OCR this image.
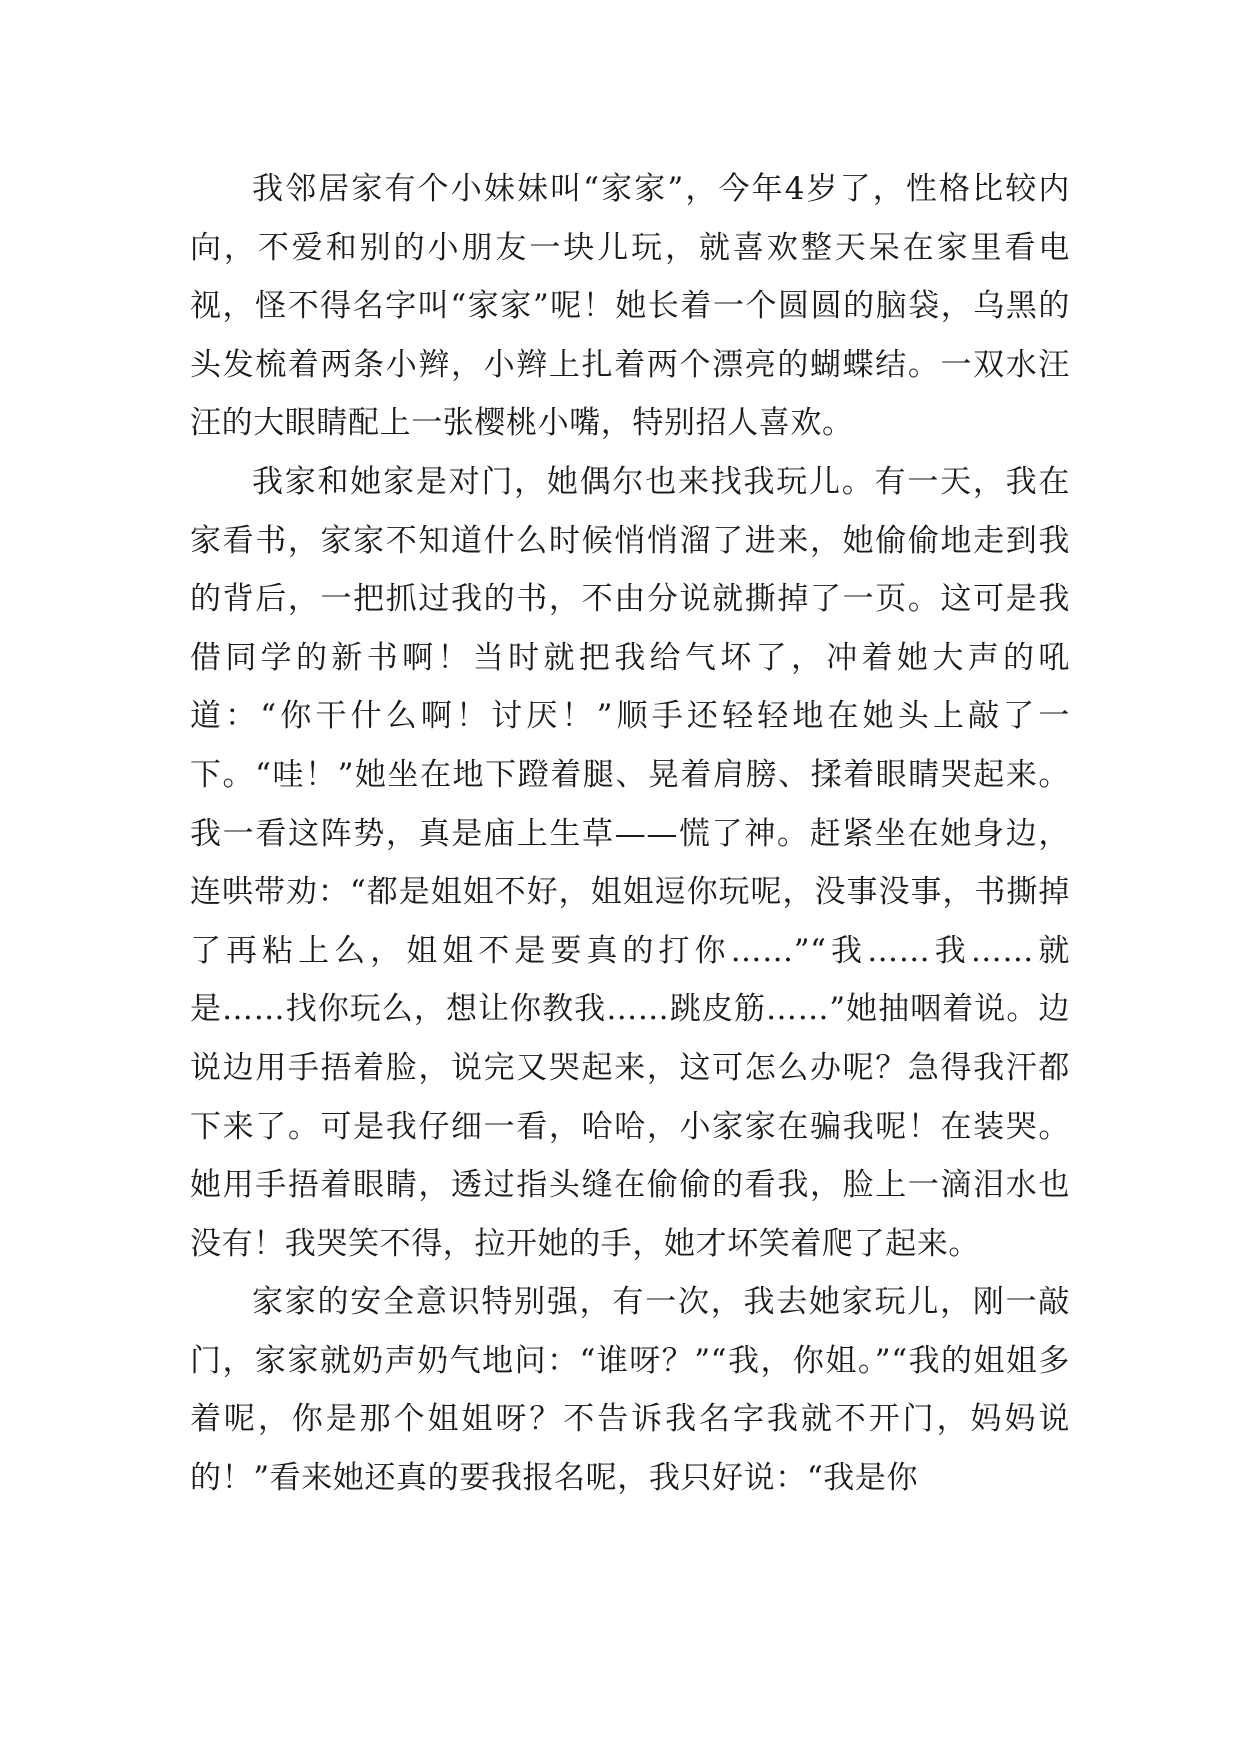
我邻居家有个小妹妹叫“家家”，今年4岁了，性格比较内向，不爱和别的小朋友一块儿玩，就喜欢整天呆在家里看电视，怪不得名字叫“家家”呢！她长着一个圆圆的脑袋，乌黑的头发梳着两条小辫，小辫上扎着两个漂亮的蝴蝶结。一双水汪汪的大眼睛配上一张樱桃小嘴，特别招人喜欢。

我家和她家是对门，她偶尔也来找我玩儿。有一天，我在家看书，家家不知道什么时候悄悄溜了进来，她偷偷地走到我的背后，一把抓过我的书，不由分说就撕掉了一页。这可是我借同学的新书啊！当时就把我给气坏了，冲着她大声的吼道：“你干什么啊！讨厌！”顺手还轻轻地在她头上敲了一下。“哇！”她坐在地下蹬着腿、晃着肩膀、揉着眼睛哭起来。我一看这阵势，真是庙上生草——慌了神。赶紧坐在她身边，连哄带劝：“都是姐姐不好，姐姐逗你玩呢，没事没事，书撕掉了再粘上么，姐姐不是要真的打你……”“我……我……就是……找你玩么，想让你教我……跳皮筋……”她抽咽着说。边说边用手捂着脸，说完又哭起来，这可怎么办呢？急得我汗都下来了。可是我仔细一看，哈哈，小家家在骗我呢！在装哭。她用手捂着眼睛，透过指头缝在偷偷的看我，脸上一滴泪水也没有！我哭笑不得，拉开她的手，她才坏笑着爬了起来。

家家的安全意识特别强，有一次，我去她家玩儿，刚一敲门，家家就奶声奶气地问：“谁呀？”“我，你姐。”“我的姐姐多着呢，你是那个姐姐呀？不告诉我名字我就不开门，妈妈说的！”看来她还真的要我报名呢，我只好说：“我是你
